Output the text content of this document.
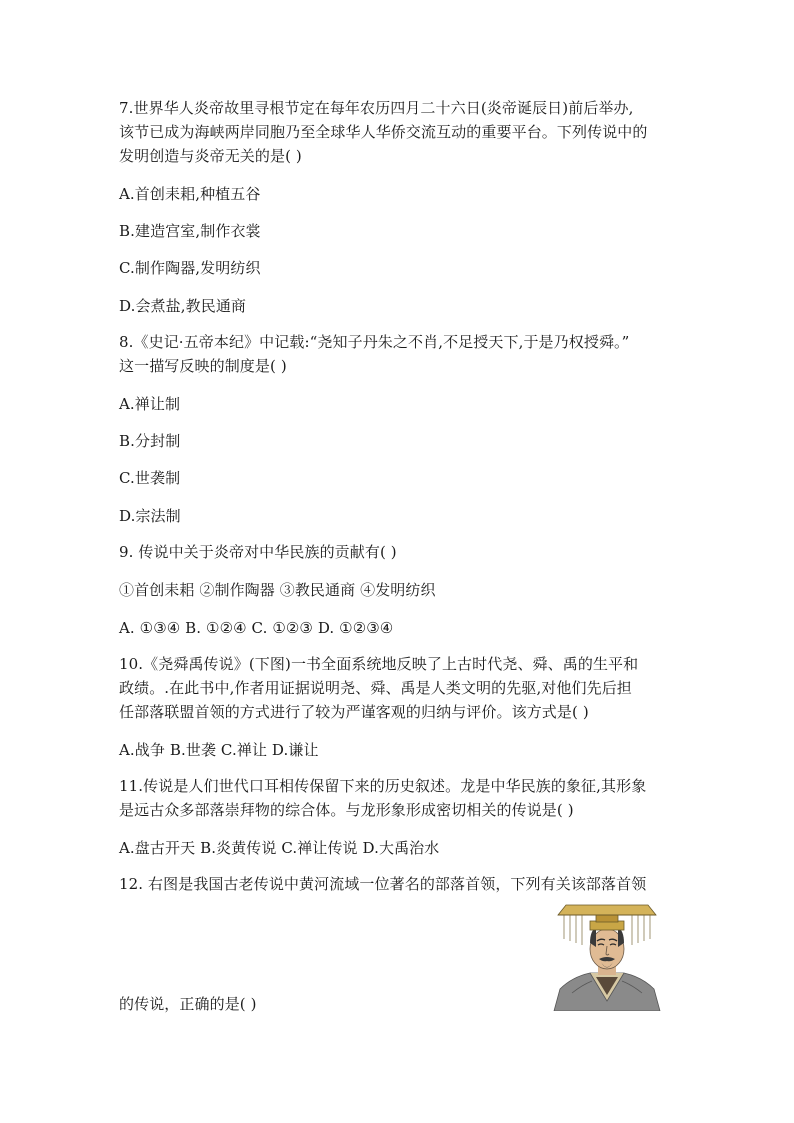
7.世界华人炎帝故里寻根节定在每年农历四月二十六日(炎帝诞辰日)前后举办,
该节已成为海峡两岸同胞乃至全球华人华侨交流互动的重要平台。下列传说中的
发明创造与炎帝无关的是( )
A.首创耒耜,种植五谷
B.建造宫室,制作衣裳
C.制作陶器,发明纺织
D.会煮盐,教民通商
8.《史记·五帝本纪》中记载:“尧知子丹朱之不肖,不足授天下,于是乃权授舜。”
这一描写反映的制度是( )
A.禅让制
B.分封制
C.世袭制
D.宗法制
9. 传说中关于炎帝对中华民族的贡献有( )
①首创耒耜 ②制作陶器 ③教民通商 ④发明纺织
A. ①③④ B. ①②④ C. ①②③ D. ①②③④
10.《尧舜禹传说》(下图)一书全面系统地反映了上古时代尧、舜、禹的生平和
政绩。.在此书中,作者用证据说明尧、舜、禹是人类文明的先驱,对他们先后担
任部落联盟首领的方式进行了较为严谨客观的归纳与评价。该方式是( )
A.战争 B.世袭 C.禅让 D.谦让
11.传说是人们世代口耳相传保留下来的历史叙述。龙是中华民族的象征,其形象
是远古众多部落崇拜物的综合体。与龙形象形成密切相关的传说是( )
A.盘古开天 B.炎黄传说 C.禅让传说 D.大禹治水
12. 右图是我国古老传说中黄河流域一位著名的部落首领，下列有关该部落首领
的传说，正确的是( )
